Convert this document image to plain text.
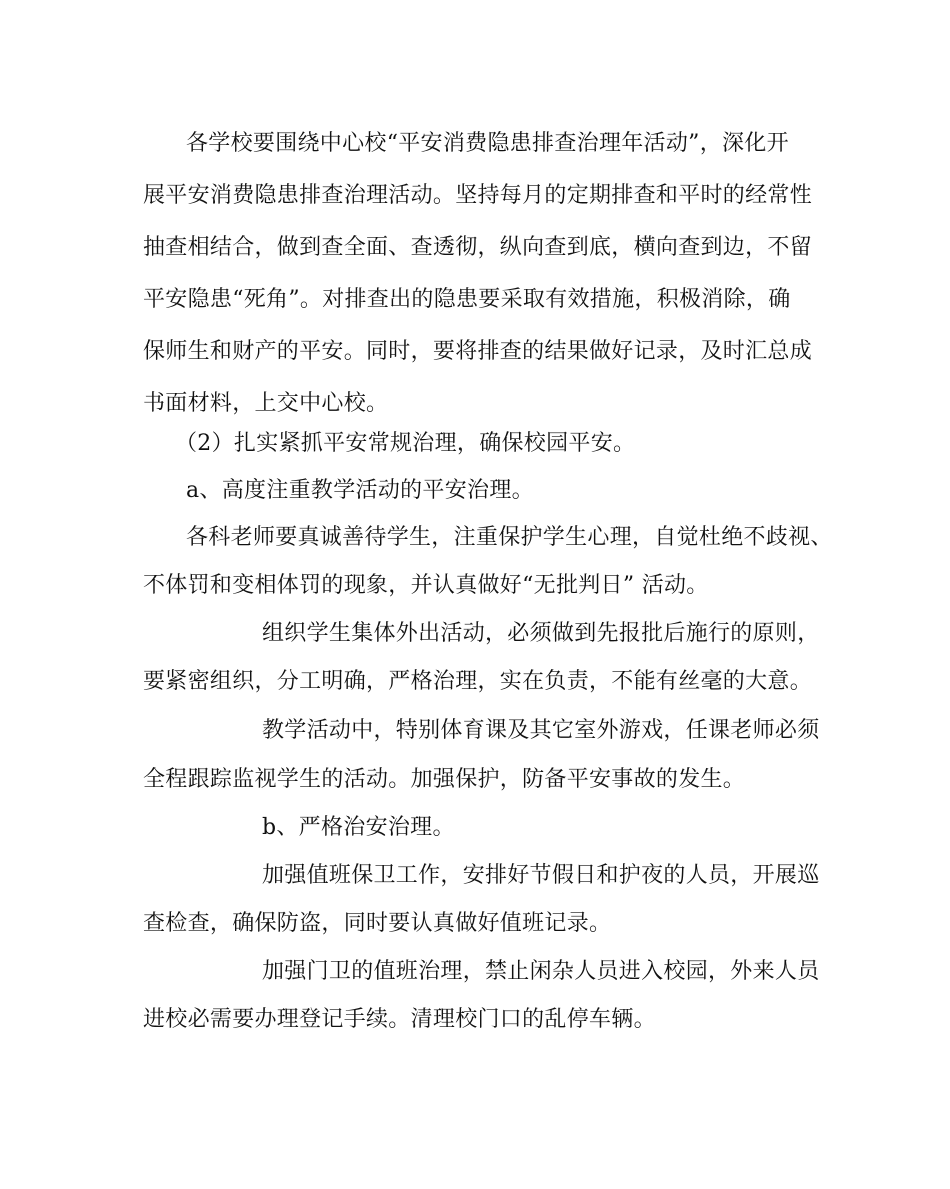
各学校要围绕中心校“平安消费隐患排查治理年活动”，深化开
展平安消费隐患排查治理活动。坚持每月的定期排查和平时的经常性
抽查相结合，做到查全面、查透彻，纵向查到底，横向查到边，不留
平安隐患“死角”。对排查出的隐患要采取有效措施，积极消除，确
保师生和财产的平安。同时，要将排查的结果做好记录，及时汇总成
书面材料，上交中心校。
（2）扎实紧抓平安常规治理，确保校园平安。
a、高度注重教学活动的平安治理。
各科老师要真诚善待学生，注重保护学生心理，自觉杜绝不歧视、
不体罚和变相体罚的现象，并认真做好“无批判日” 活动。
组织学生集体外出活动，必须做到先报批后施行的原则，
要紧密组织，分工明确，严格治理，实在负责，不能有丝毫的大意。
教学活动中，特别体育课及其它室外游戏，任课老师必须
全程跟踪监视学生的活动。加强保护，防备平安事故的发生。
b、严格治安治理。
加强值班保卫工作，安排好节假日和护夜的人员，开展巡
查检查，确保防盗，同时要认真做好值班记录。
加强门卫的值班治理，禁止闲杂人员进入校园，外来人员
进校必需要办理登记手续。清理校门口的乱停车辆。
